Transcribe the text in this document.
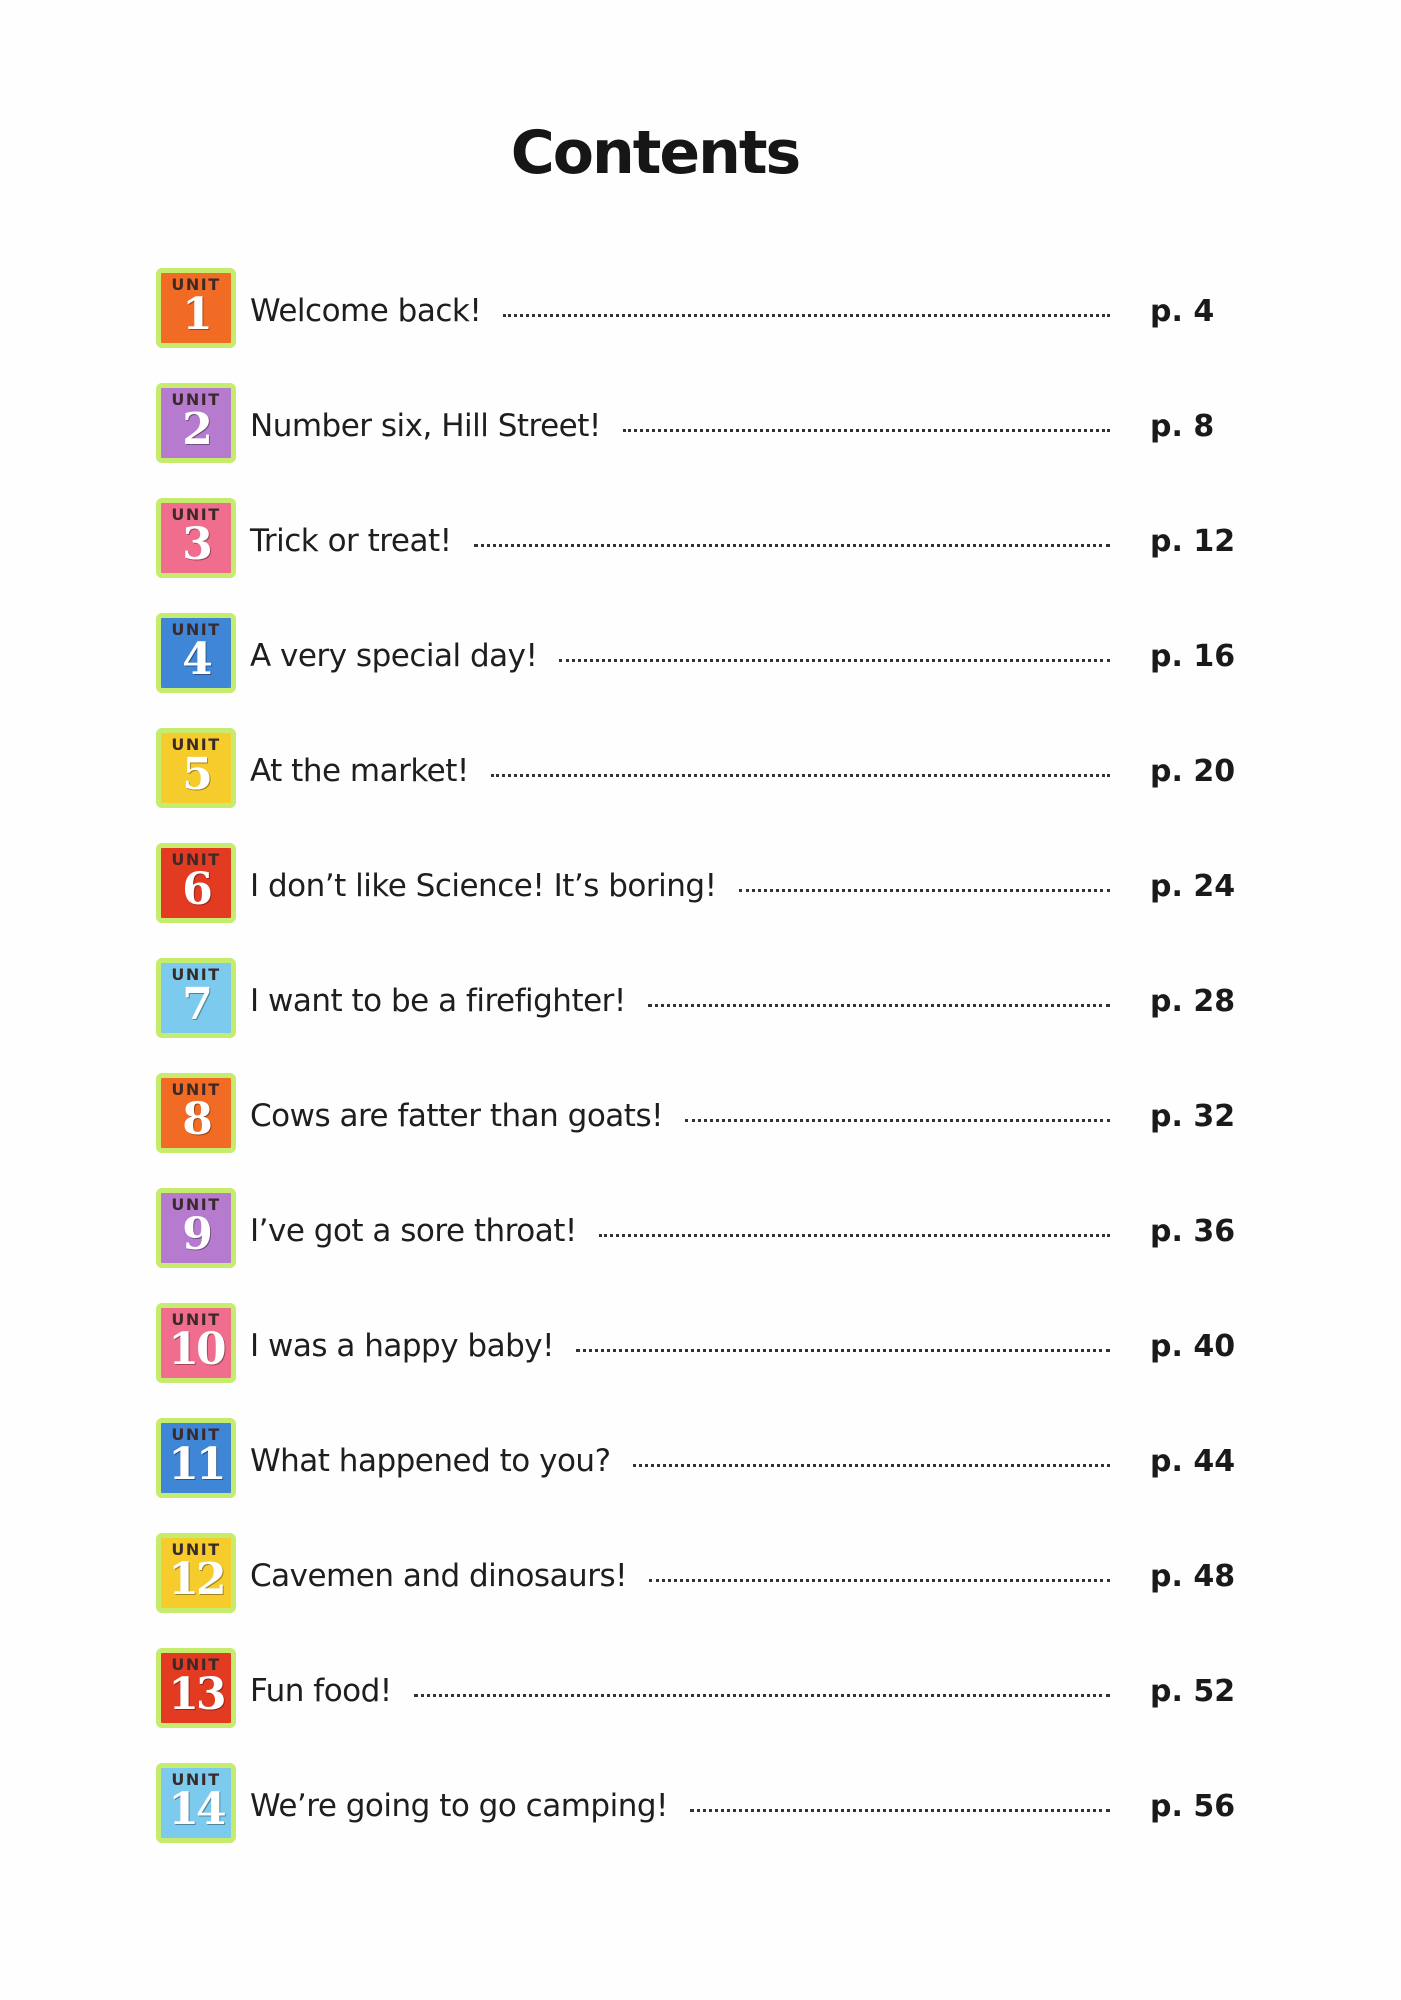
Contents
UNIT
1	Welcome back!	p. 4
UNIT
2	Number six, Hill Street!	p. 8
UNIT
3	Trick or treat!	p. 12
UNIT
4	A very special day!	p. 16
UNIT
5	At the market!	p. 20
UNIT
6	I don’t like Science! It’s boring!	p. 24
UNIT
7	I want to be a firefighter!	p. 28
UNIT
8	Cows are fatter than goats!	p. 32
UNIT
9	I’ve got a sore throat!	p. 36
UNIT
10 I was a happy baby!	p. 40
UNIT
11 What happened to you?	p. 44
UNIT
12 Cavemen and dinosaurs!	p. 48
UNIT
13 Fun food!	p. 52
UNIT
14 We’re going to go camping!	p. 56
